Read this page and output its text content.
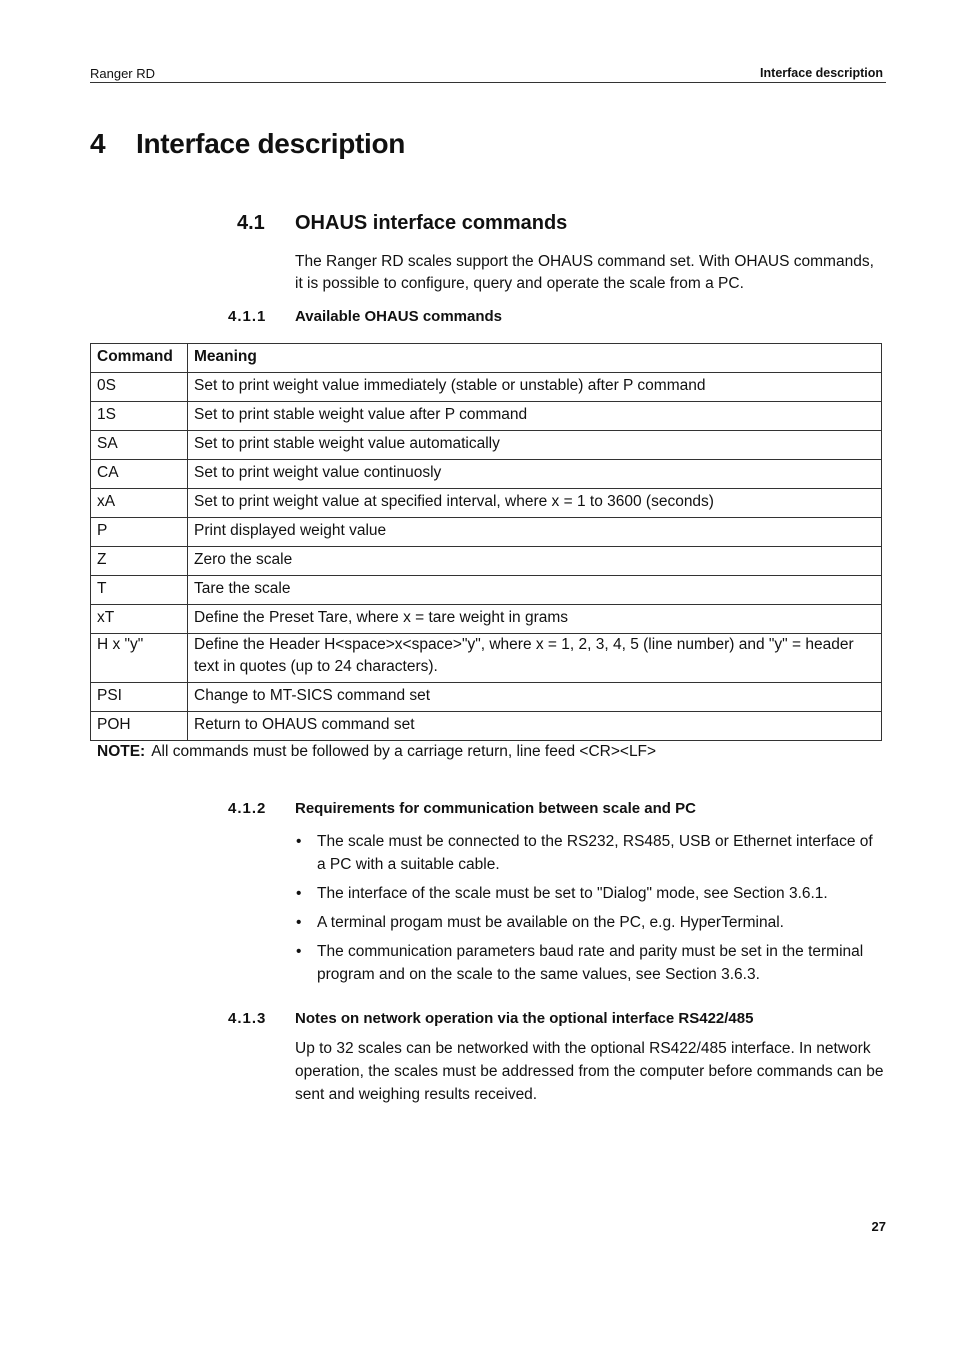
Ranger RD	Interface description
4 Interface description
4.1 OHAUS interface commands
The Ranger RD scales support the OHAUS command set. With OHAUS commands, it is possible to configure, query and operate the scale from a PC.
4.1.1 Available OHAUS commands
Command	Meaning
0S	Set to print weight value immediately (stable or unstable) after P command
1S	Set to print stable weight value after P command
SA	Set to print stable weight value automatically
CA	Set to print weight value continuosly
xA	Set to print weight value at specified interval, where x = 1 to 3600 (seconds)
P	Print displayed weight value
Z	Zero the scale
T	Tare the scale
xT	Define the Preset Tare, where x = tare weight in grams
H x "y"	Define the Header H<space>x<space>"y", where x = 1, 2, 3, 4, 5 (line number) and "y" = header text in quotes (up to 24 characters).
PSI	Change to MT-SICS command set
POH	Return to OHAUS command set
NOTE: All commands must be followed by a carriage return, line feed <CR><LF>
4.1.2 Requirements for communication between scale and PC
• The scale must be connected to the RS232, RS485, USB or Ethernet interface of a PC with a suitable cable.
• The interface of the scale must be set to "Dialog" mode, see Section 3.6.1.
• A terminal progam must be available on the PC, e.g. HyperTerminal.
• The communication parameters baud rate and parity must be set in the terminal program and on the scale to the same values, see Section 3.6.3.
4.1.3 Notes on network operation via the optional interface RS422/485
Up to 32 scales can be networked with the optional RS422/485 interface. In network operation, the scales must be addressed from the computer before commands can be sent and weighing results received.
27
